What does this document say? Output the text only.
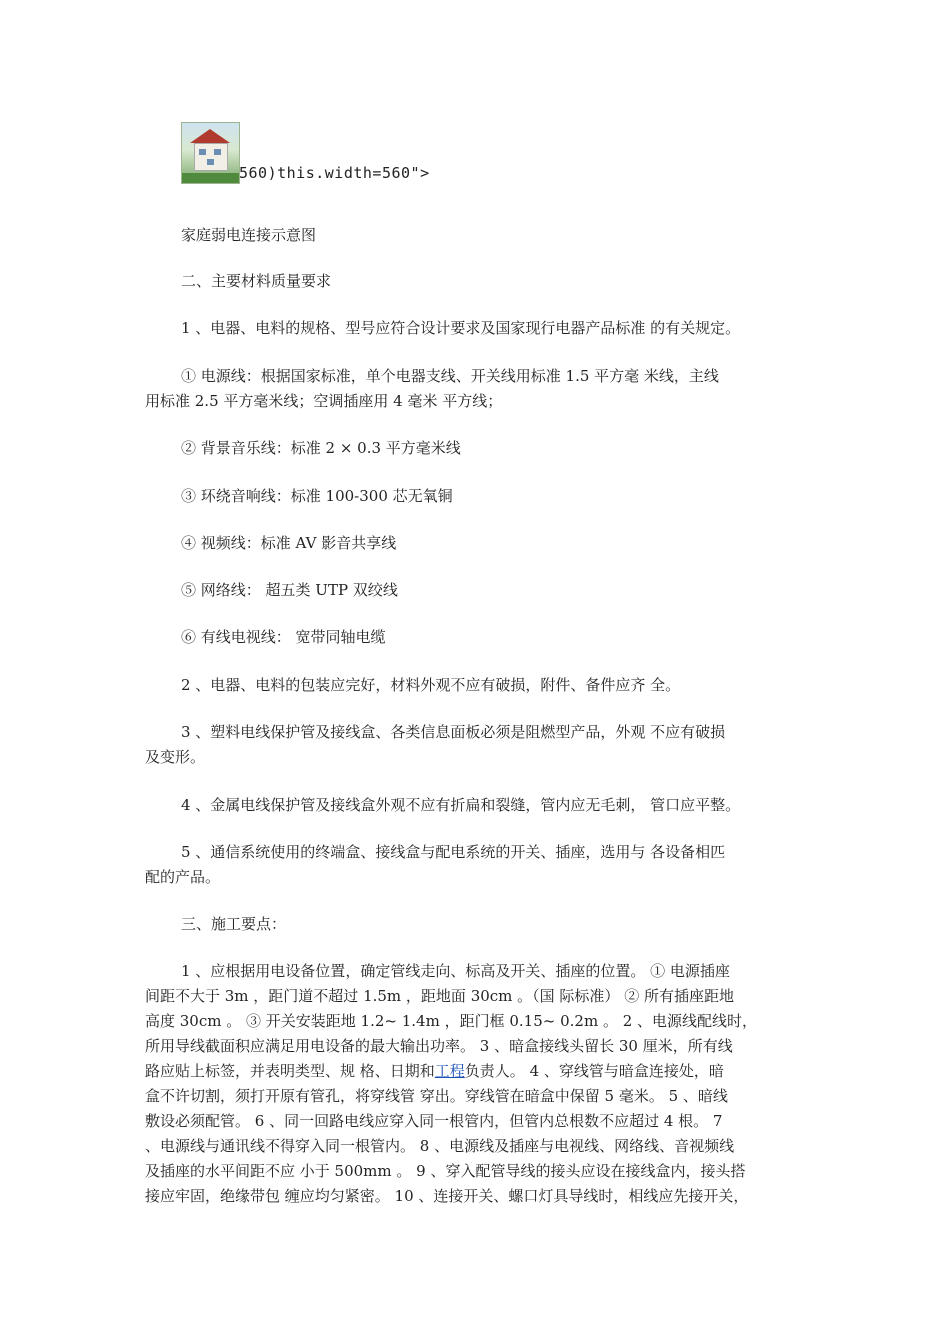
560)this.width=560">
家庭弱电连接示意图
二、主要材料质量要求
1 、电器、电料的规格、型号应符合设计要求及国家现行电器产品标准 的有关规定。
① 电源线：根据国家标准，单个电器支线、开关线用标准 1.5 平方毫 米线，主线
用标准 2.5 平方毫米线；空调插座用 4 毫米 平方线；
② 背景音乐线：标准 2 × 0.3 平方毫米线
③ 环绕音响线：标准 100-300 芯无氧铜
④ 视频线：标准 AV 影音共享线
⑤ 网络线： 超五类 UTP 双绞线
⑥ 有线电视线： 宽带同轴电缆
2 、电器、电料的包装应完好，材料外观不应有破损，附件、备件应齐 全。
3 、塑料电线保护管及接线盒、各类信息面板必须是阻燃型产品，外观 不应有破损
及变形。
4 、金属电线保护管及接线盒外观不应有折扁和裂缝，管内应无毛刺， 管口应平整。
5 、通信系统使用的终端盒、接线盒与配电系统的开关、插座，选用与 各设备相匹
配的产品。
三、施工要点：
1 、应根据用电设备位置，确定管线走向、标高及开关、插座的位置。 ① 电源插座
间距不大于 3m ，距门道不超过 1.5m ，距地面 30cm 。（国 际标准） ② 所有插座距地
高度 30cm 。 ③ 开关安装距地 1.2~ 1.4m ，距门框 0.15~ 0.2m 。 2 、电源线配线时，
所用导线截面积应满足用电设备的最大输出功率。 3 、暗盒接线头留长 30 厘米，所有线
路应贴上标签，并表明类型、规 格、日期和工程负责人。 4 、穿线管与暗盒连接处，暗
盒不许切割，须打开原有管孔，将穿线管 穿出。穿线管在暗盒中保留 5 毫米。 5 、暗线
敷设必须配管。 6 、同一回路电线应穿入同一根管内，但管内总根数不应超过 4 根。 7
、电源线与通讯线不得穿入同一根管内。 8 、电源线及插座与电视线、网络线、音视频线
及插座的水平间距不应 小于 500mm 。 9 、穿入配管导线的接头应设在接线盒内，接头搭
接应牢固，绝缘带包 缠应均匀紧密。 10 、连接开关、螺口灯具导线时，相线应先接开关，
